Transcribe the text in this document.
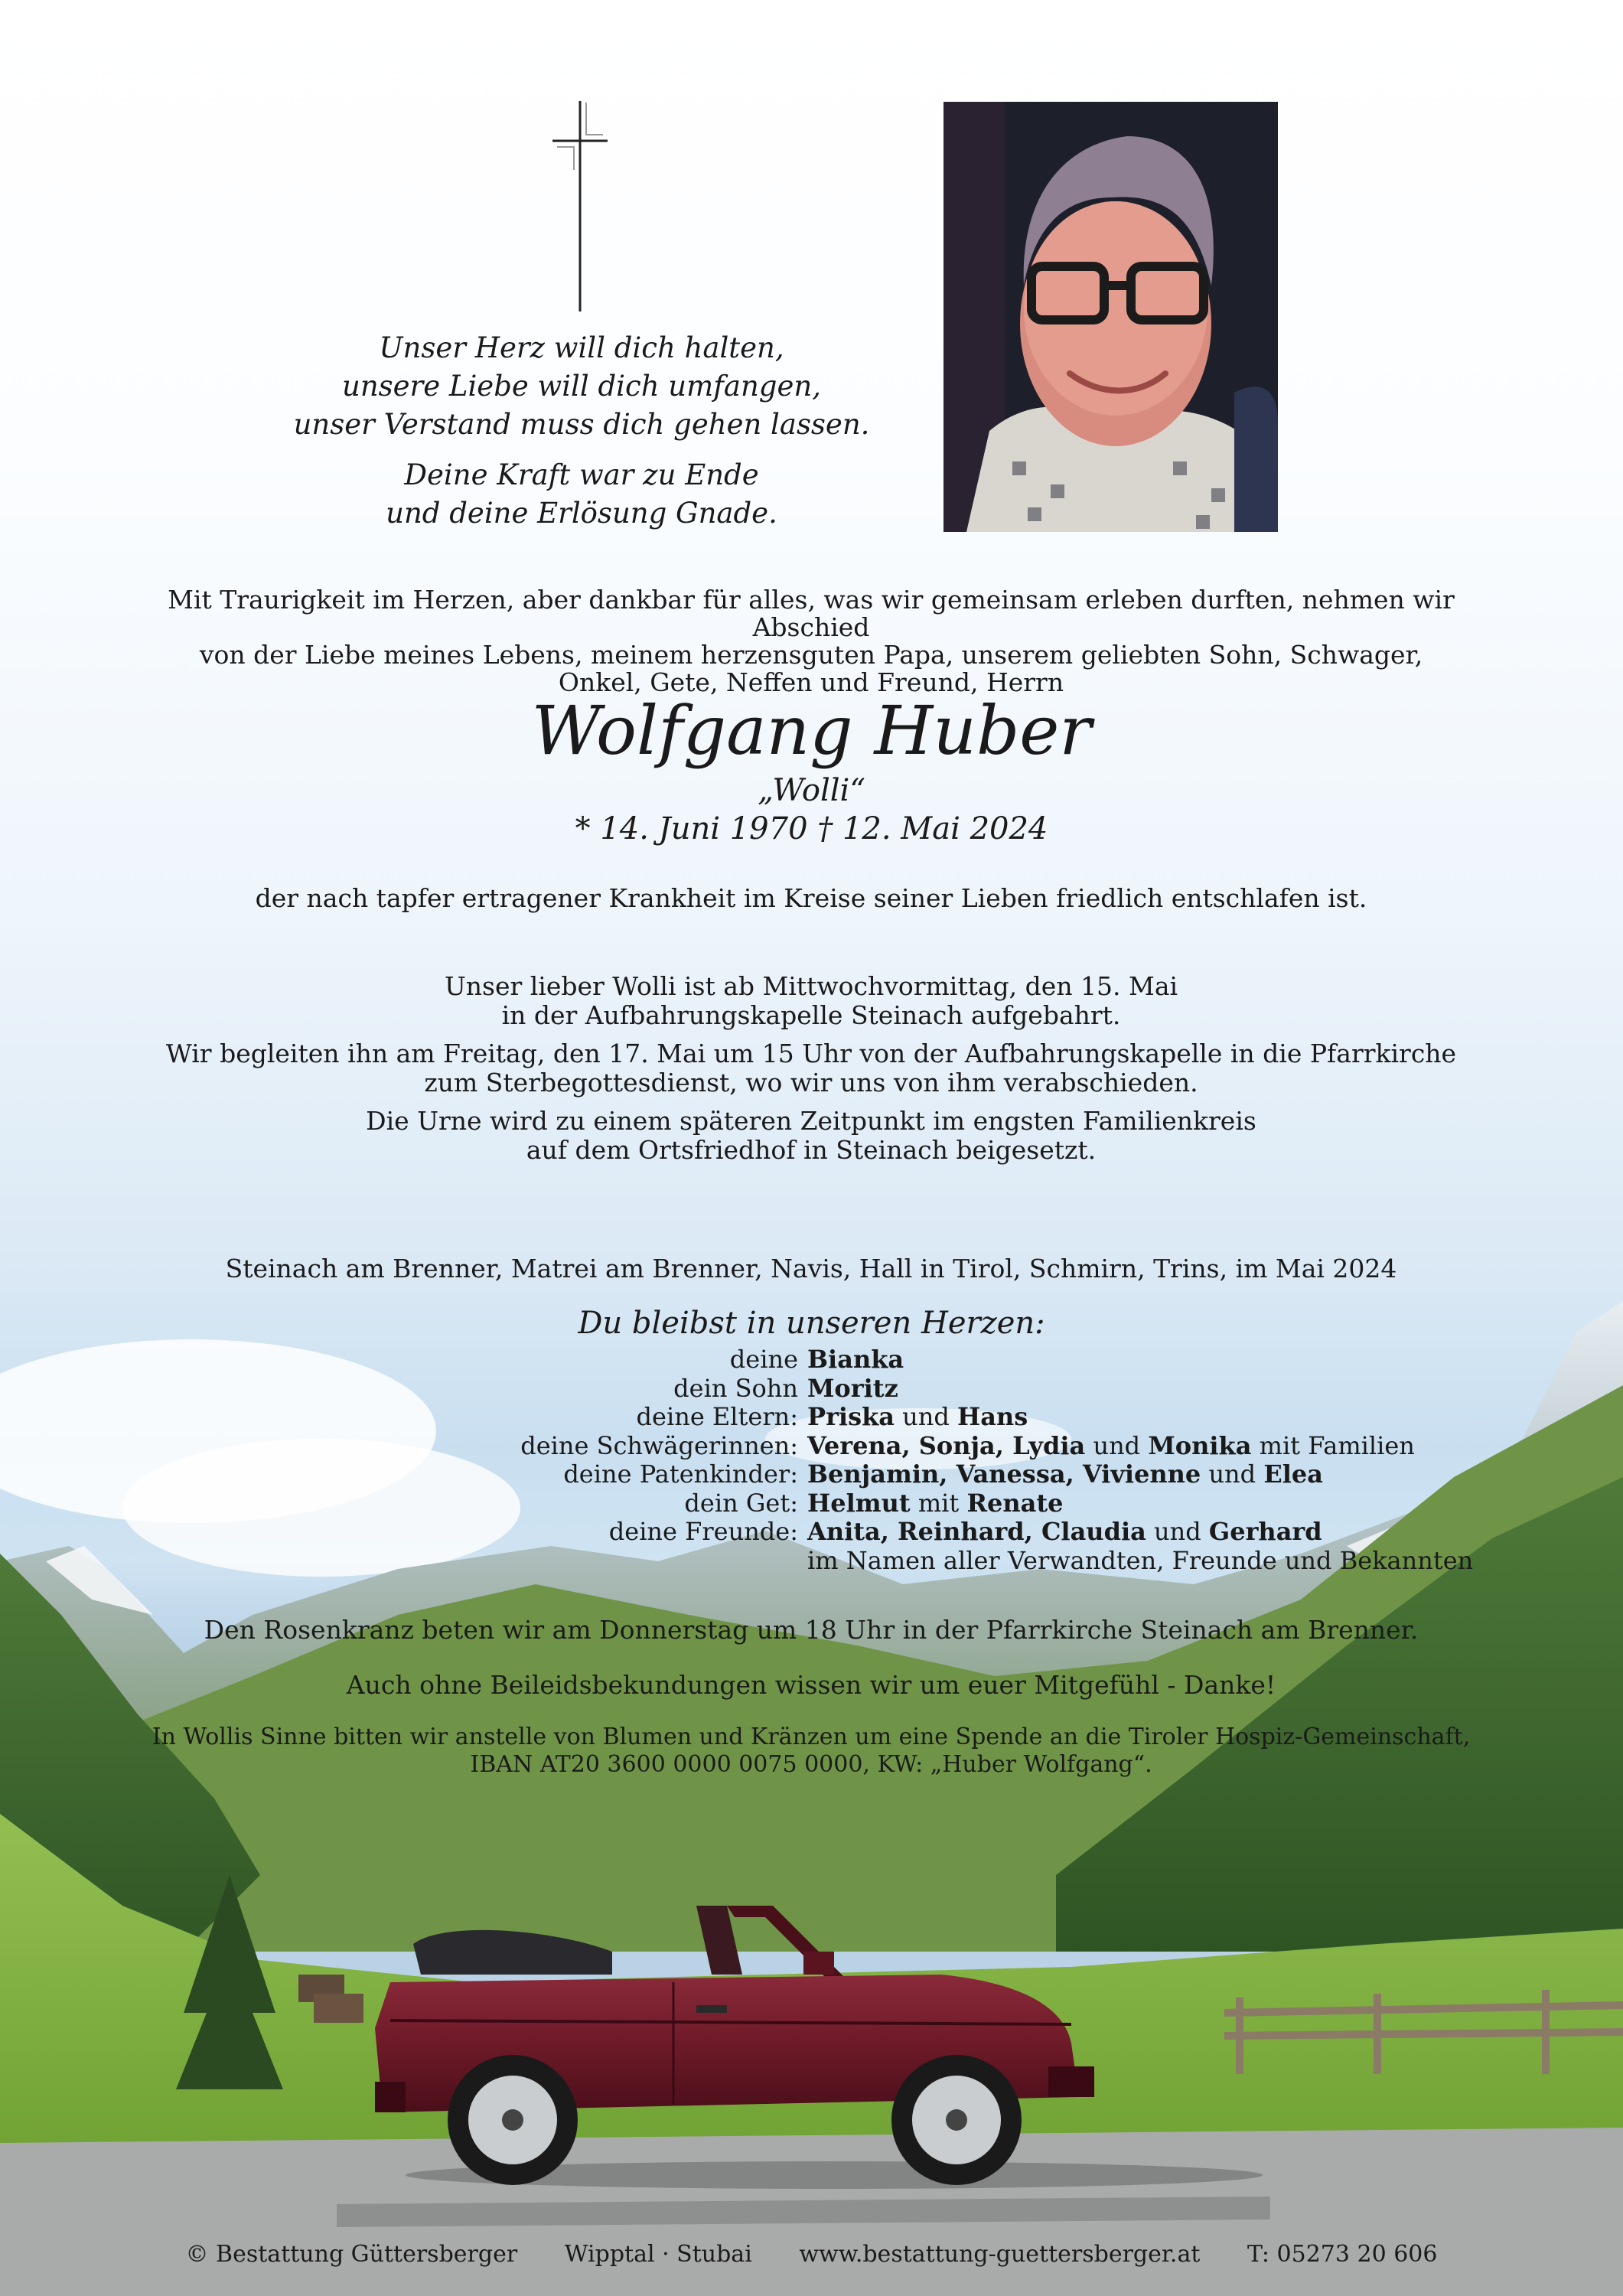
Unser Herz will dich halten,
unsere Liebe will dich umfangen,
unser Verstand muss dich gehen lassen.
Deine Kraft war zu Ende
und deine Erlösung Gnade.
Mit Traurigkeit im Herzen, aber dankbar für alles, was wir gemeinsam erleben durften, nehmen wir Abschied
von der Liebe meines Lebens, meinem herzensguten Papa, unserem geliebten Sohn, Schwager,
Onkel, Gete, Neffen und Freund, Herrn
Wolfgang Huber
„Wolli“
* 14. Juni 1970 † 12. Mai 2024
der nach tapfer ertragener Krankheit im Kreise seiner Lieben friedlich entschlafen ist.
Unser lieber Wolli ist ab Mittwochvormittag, den 15. Mai
in der Aufbahrungskapelle Steinach aufgebahrt.
Wir begleiten ihn am Freitag, den 17. Mai um 15 Uhr von der Aufbahrungskapelle in die Pfarrkirche
zum Sterbegottesdienst, wo wir uns von ihm verabschieden.
Die Urne wird zu einem späteren Zeitpunkt im engsten Familienkreis
auf dem Ortsfriedhof in Steinach beigesetzt.
Steinach am Brenner, Matrei am Brenner, Navis, Hall in Tirol, Schmirn, Trins, im Mai 2024
Du bleibst in unseren Herzen:
deine Bianka
dein Sohn Moritz
deine Eltern: Priska und Hans
deine Schwägerinnen: Verena, Sonja, Lydia und Monika mit Familien
deine Patenkinder: Benjamin, Vanessa, Vivienne und Elea
dein Get: Helmut mit Renate
deine Freunde: Anita, Reinhard, Claudia und Gerhard
im Namen aller Verwandten, Freunde und Bekannten
Den Rosenkranz beten wir am Donnerstag um 18 Uhr in der Pfarrkirche Steinach am Brenner.
Auch ohne Beileidsbekundungen wissen wir um euer Mitgefühl - Danke!
In Wollis Sinne bitten wir anstelle von Blumen und Kränzen um eine Spende an die Tiroler Hospiz-Gemeinschaft,
IBAN AT20 3600 0000 0075 0000, KW: „Huber Wolfgang“.
© Bestattung Güttersberger Wipptal · Stubai www.bestattung-guettersberger.at T: 05273 20 606
